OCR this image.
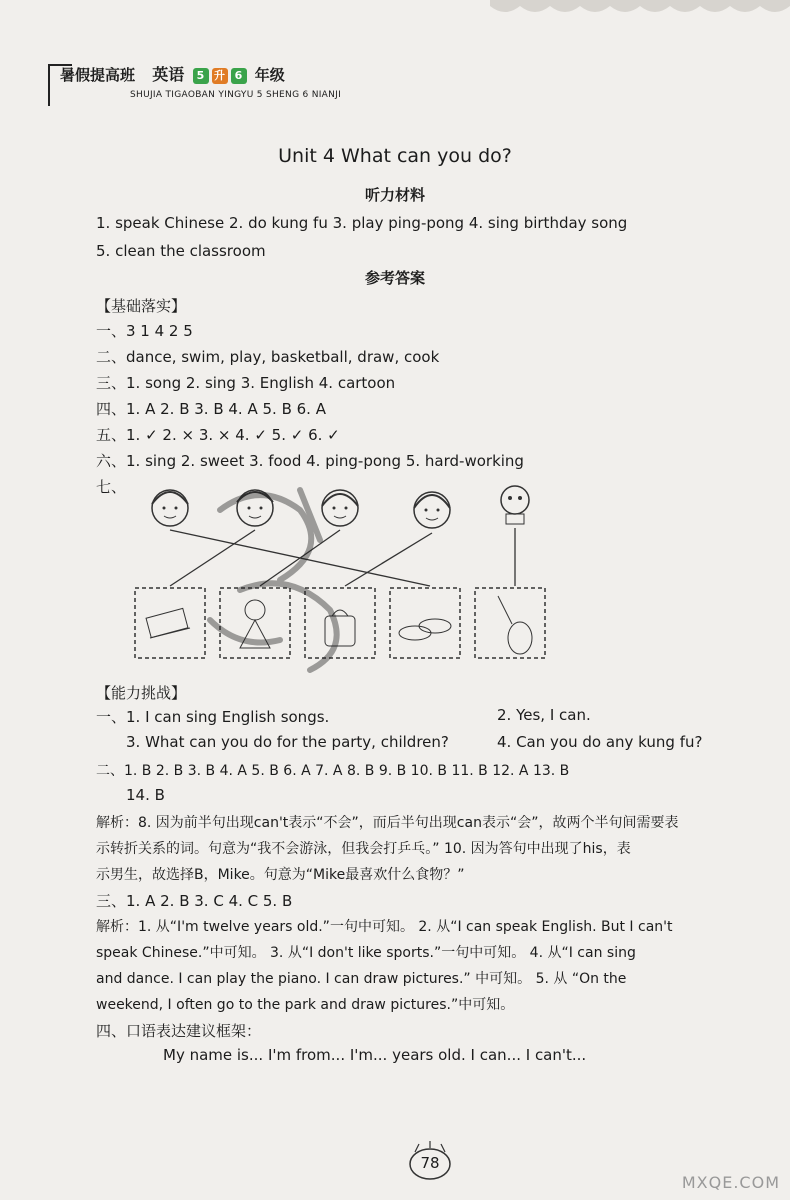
暑假提高班 英语 5 升 6 年级
SHUJIA TIGAOBAN YINGYU 5 SHENG 6 NIANJI

Unit 4 What can you do?
听力材料
1. speak Chinese 2. do kung fu 3. play ping-pong 4. sing birthday song
5. clean the classroom
参考答案
【基础落实】
一、3 1 4 2 5
二、dance, swim, play, basketball, draw, cook
三、1. song 2. sing 3. English 4. cartoon
四、1. A 2. B 3. B 4. A 5. B 6. A
五、1. ✓ 2. × 3. × 4. ✓ 5. ✓ 6. ✓
六、1. sing 2. sweet 3. food 4. ping-pong 5. hard-working
七、
【能力挑战】
一、1. I can sing English songs.	2. Yes, I can.
3. What can you do for the party, children?	4. Can you do any kung fu?
二、1. B 2. B 3. B 4. A 5. B 6. A 7. A 8. B 9. B 10. B 11. B 12. A 13. B
14. B
解析：8. 因为前半句出现can't表示“不会”，而后半句出现can表示“会”，故两个半句间需要表
示转折关系的词。句意为“我不会游泳，但我会打乒乓。” 10. 因为答句中出现了his，表
示男生，故选择B，Mike。句意为“Mike最喜欢什么食物？”
三、1. A 2. B 3. C 4. C 5. B
解析：1. 从“I'm twelve years old.”一句中可知。 2. 从“I can speak English. But I can't
speak Chinese.”中可知。 3. 从“I don't like sports.”一句中可知。 4. 从“I can sing
and dance. I can play the piano. I can draw pictures.” 中可知。 5. 从 “On the
weekend, I often go to the park and draw pictures.”中可知。
四、口语表达建议框架：
My name is... I'm from... I'm... years old. I can... I can't...
78
MXQE.COM
